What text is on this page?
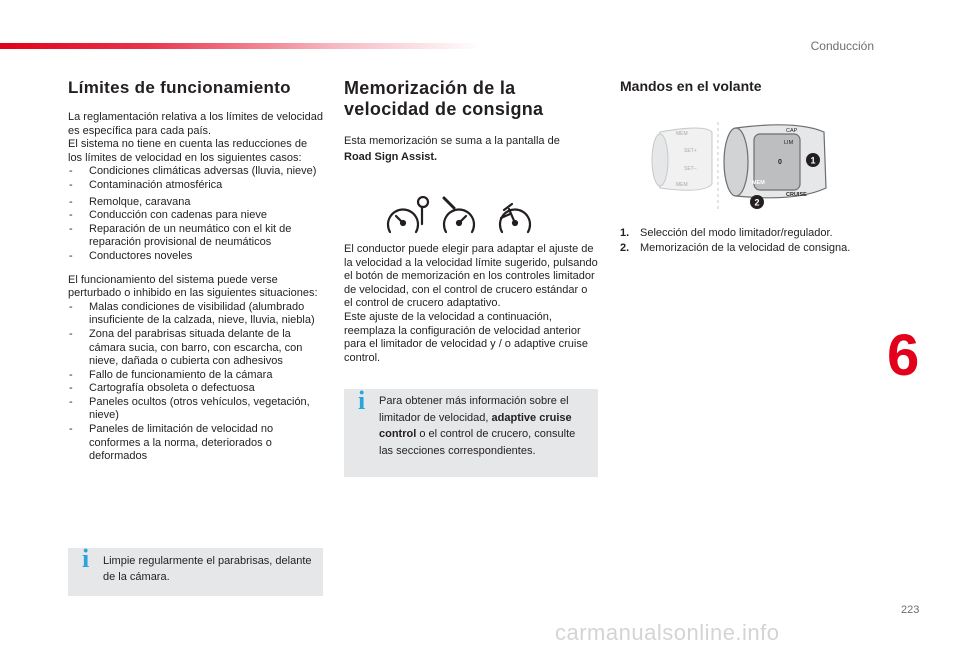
Conducción
6
223
carmanualsonline.info
Límites de funcionamiento

La reglamentación relativa a los límites de velocidad es específica para cada país.

El sistema no tiene en cuenta las reducciones de los límites de velocidad en los siguientes casos:

- Condiciones climáticas adversas (lluvia, nieve)
- Contaminación atmosférica
- Remolque, caravana
- Conducción con cadenas para nieve
- Reparación de un neumático con el kit de reparación provisional de neumáticos
- Conductores noveles

El funcionamiento del sistema puede verse perturbado o inhibido en las siguientes situaciones:

- Malas condiciones de visibilidad (alumbrado insuficiente de la calzada, nieve, lluvia, niebla)
- Zona del parabrisas situada delante de la cámara sucia, con barro, con escarcha, con nieve, dañada o cubierta con adhesivos
- Fallo de funcionamiento de la cámara
- Cartografía obsoleta o defectuosa
- Paneles ocultos (otros vehículos, vegetación, nieve)
- Paneles de limitación de velocidad no conformes a la norma, deteriorados o deformados
i Limpie regularmente el parabrisas, delante de la cámara.
Memorización de la velocidad de consigna

Esta memorización se suma a la pantalla de
Road Sign Assist.

El conductor puede elegir para adaptar el ajuste de la velocidad a la velocidad límite sugerido, pulsando el botón de memorización en los controles limitador de velocidad, con el control de crucero estándar o el control de crucero adaptativo.

Este ajuste de la velocidad a continuación, reemplaza la configuración de velocidad anterior para el limitador de velocidad y / o adaptive cruise control.

i Para obtener más información sobre el limitador de velocidad, adaptive cruise control o el control de crucero, consulte las secciones correspondientes.
Mandos en el volante
MEM
SET+
SET–
MEM
CAP
LIM
0
CRUISE
MEM
1
2
1. Selección del modo limitador/regulador.
2. Memorización de la velocidad de consigna.
